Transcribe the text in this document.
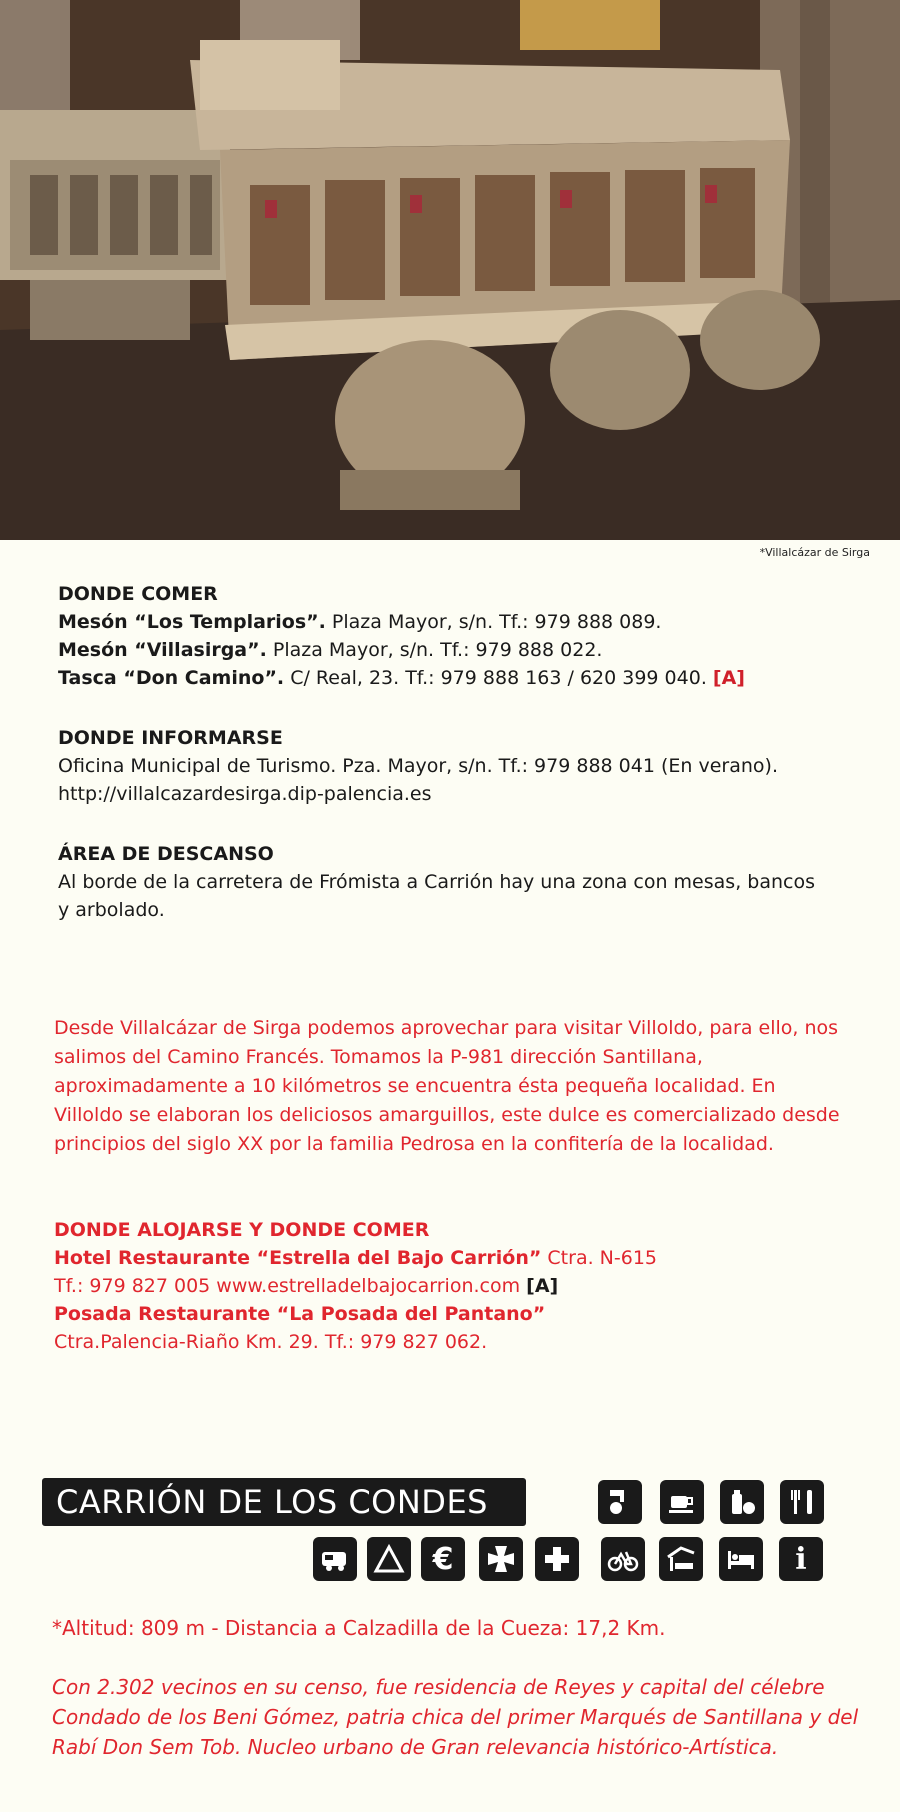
*Villalcázar de Sirga
DONDE COMER
Mesón “Los Templarios”. Plaza Mayor, s/n. Tf.: 979 888 089.
Mesón “Villasirga”. Plaza Mayor, s/n. Tf.: 979 888 022.
Tasca “Don Camino”. C/ Real, 23. Tf.: 979 888 163 / 620 399 040. [A]
DONDE INFORMARSE
Oficina Municipal de Turismo. Pza. Mayor, s/n. Tf.: 979 888 041 (En verano).
http://villalcazardesirga.dip-palencia.es
ÁREA DE DESCANSO
Al borde de la carretera de Frómista a Carrión hay una zona con mesas, bancos y arbolado.
Desde Villalcázar de Sirga podemos aprovechar para visitar Villoldo, para ello, nos salimos del Camino Francés. Tomamos la P-981 dirección Santillana, aproximadamente a 10 kilómetros se encuentra ésta pequeña localidad. En Villoldo se elaboran los deliciosos amarguillos, este dulce es comercializado desde principios del siglo XX por la familia Pedrosa en la confitería de la localidad.
DONDE ALOJARSE Y DONDE COMER
Hotel Restaurante “Estrella del Bajo Carrión” Ctra. N-615
Tf.: 979 827 005 www.estrelladelbajocarrion.com [A]
Posada Restaurante “La Posada del Pantano”
Ctra.Palencia-Riaño Km. 29. Tf.: 979 827 062.
CARRIÓN DE LOS CONDES
€	i
*Altitud: 809 m - Distancia a Calzadilla de la Cueza: 17,2 Km.
Con 2.302 vecinos en su censo, fue residencia de Reyes y capital del célebre Condado de los Beni Gómez, patria chica del primer Marqués de Santillana y del Rabí Don Sem Tob. Nucleo urbano de Gran relevancia histórico-Artística.
